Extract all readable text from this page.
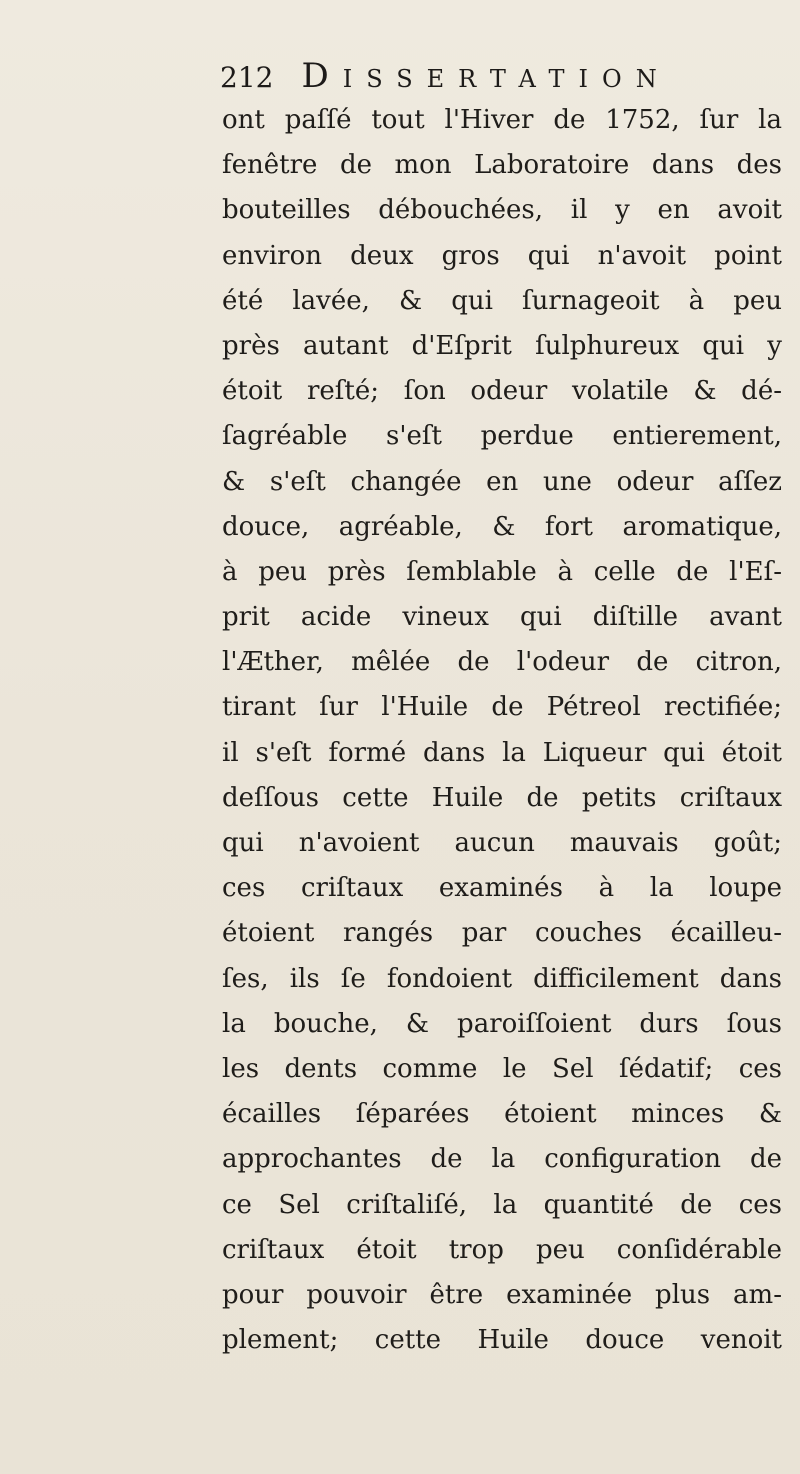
212 Dissertation
ont paſſé tout l'Hiver de 1752, ſur la
fenêtre de mon Laboratoire dans des
bouteilles débouchées, il y en avoit
environ deux gros qui n'avoit point
été lavée, & qui ſurnageoit à peu
près autant d'Eſprit ſulphureux qui y
étoit reſté; ſon odeur volatile & dé-
ſagréable s'eſt perdue entierement,
& s'eſt changée en une odeur aſſez
douce, agréable, & fort aromatique,
à peu près ſemblable à celle de l'Eſ-
prit acide vineux qui diſtille avant
l'Æther, mêlée de l'odeur de citron,
tirant ſur l'Huile de Pétreol rectifiée;
il s'eſt formé dans la Liqueur qui étoit
deſſous cette Huile de petits criſtaux
qui n'avoient aucun mauvais goût;
ces criſtaux examinés à la loupe
étoient rangés par couches écailleu-
ſes, ils ſe fondoient difficilement dans
la bouche, & paroiſſoient durs ſous
les dents comme le Sel ſédatif; ces
écailles ſéparées étoient minces &
approchantes de la configuration de
ce Sel criſtaliſé, la quantité de ces
criſtaux étoit trop peu conſidérable
pour pouvoir être examinée plus am-
plement; cette Huile douce venoit
